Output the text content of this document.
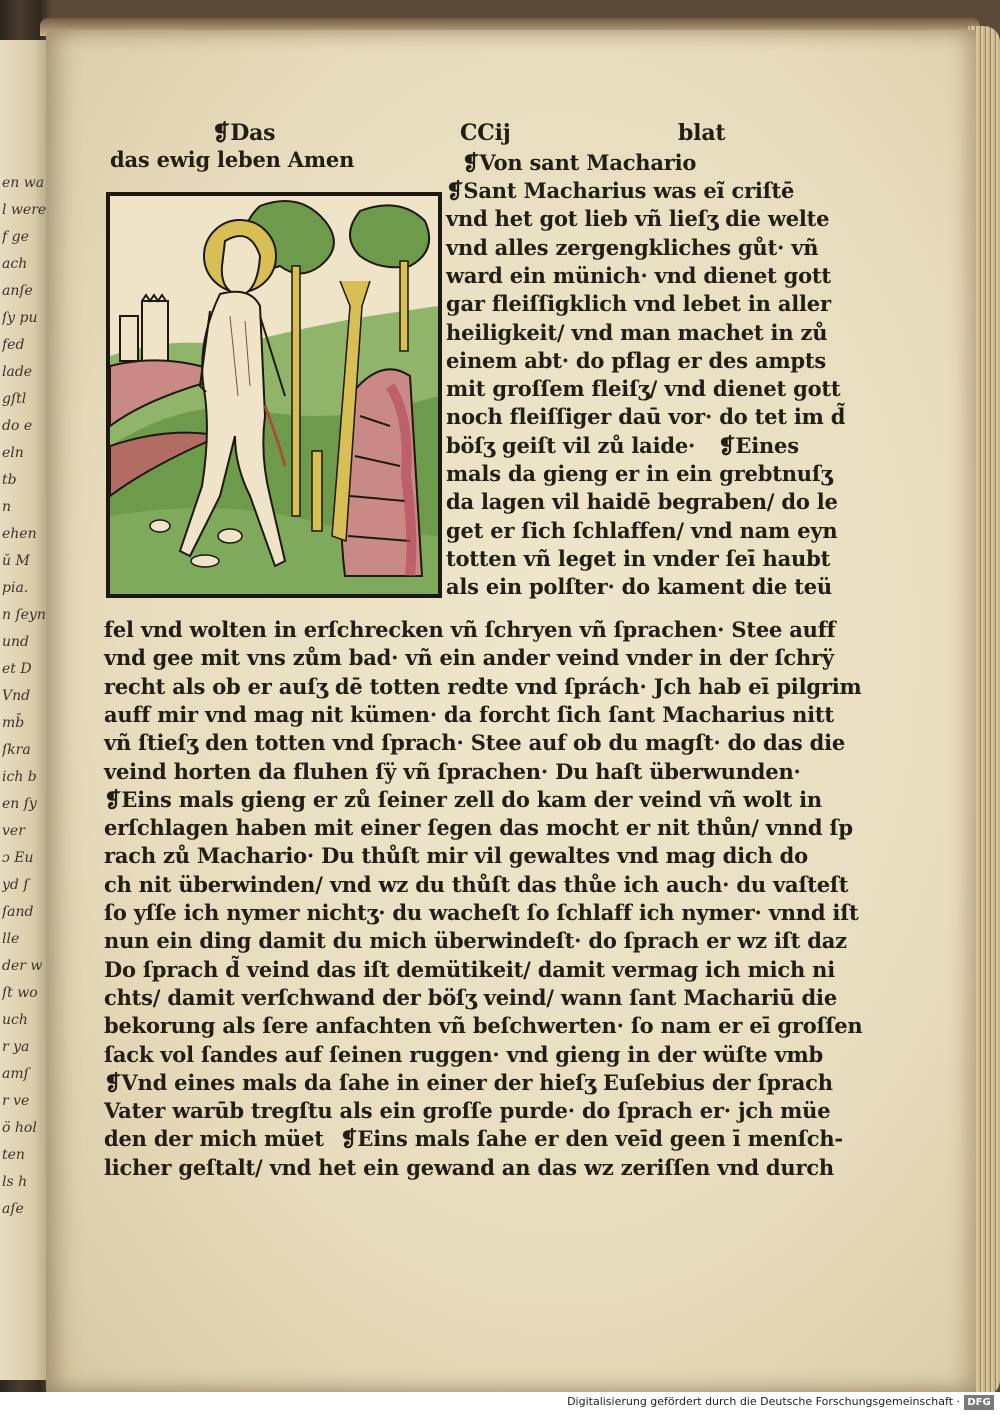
en wa
l were
f ge
ach
anſe
ſy pu
fed
lade
gſtl
do e
eln
tb
n
ehen
ŭ M
pia.
n ſeyn
und
et D
Vnd
mb̄
ſkra
ich b
en ſy
ver
ɔ Eu
yd ſ
ſand
lle
der w
ſt wo
uch
r ya
amſ
r ve
ö hol
ten
ls h
aſe
❡Das	CCij	blat
das ewig leben Amen	❡Von sant Machario
❡Sant Macharius was eĩ criſtē
vnd het got lieb vñ lieſʒ die welte
vnd alles zergengkliches gůt· vñ
ward ein münich· vnd dienet gott
gar fleiſſigklich vnd lebet in aller
heiligkeit/ vnd man machet in zů
einem abt· do pflag er des ampts
mit groſſem fleiſʒ/ vnd dienet gott
noch fleiſſiger daū vor· do tet im d̃
böſʒ geiſt vil zů laide· ❡Eines
mals da gieng er in ein grebtnuſʒ
da lagen vil haidē begraben/ do le
get er ſich ſchlaffen/ vnd nam eyn
totten vñ leget in vnder ſeī haubt
als ein polſter· do kament die teü
fel vnd wolten in erſchrecken vñ ſchryen vñ ſprachen· Stee auff
vnd gee mit vns zům bad· vñ ein ander veind vnder in der ſchrÿ
recht als ob er auſʒ dē totten redte vnd ſprách· Jch hab eī pilgrim
auff mir vnd mag nit kümen· da forcht ſich ſant Macharius nitt
vñ ſtieſʒ den totten vnd ſprach· Stee auf ob du magſt· do das die
veind horten da fluhen ſÿ vñ ſprachen· Du haſt überwunden·
❡Eins mals gieng er zů ſeiner zell do kam der veind vñ wolt in
erſchlagen haben mit einer ſegen das mocht er nit thůn/ vnnd ſp
rach zů Machario· Du thůſt mir vil gewaltes vnd mag dich do
ch nit überwinden/ vnd wz du thůſt das thůe ich auch· du vaſteſt
ſo yſſe ich nymer nichtʒ· du wacheſt ſo ſchlaff ich nymer· vnnd iſt
nun ein ding damit du mich überwindeſt· do ſprach er wz iſt daz
Do ſprach d̃ veind das iſt demütikeit/ damit vermag ich mich ni
chts/ damit verſchwand der böſʒ veind/ wann ſant Machariū die
bekorung als ſere anfachten vñ beſchwerten· ſo nam er eī groſſen
ſack vol ſandes auf ſeinen ruggen· vnd gieng in der wüſte vmb
❡Vnd eines mals da ſahe in einer der hieſʒ Euſebius der ſprach
Vater warūb tregſtu als ein groſſe purde· do ſprach er· jch müe
den der mich müet ❡Eins mals ſahe er den veīd geen ī menſch-
licher geſtalt/ vnd het ein gewand an das wz zeriſſen vnd durch
Digitalisierung gefördert durch die Deutsche Forschungsgemeinschaft · DFG
